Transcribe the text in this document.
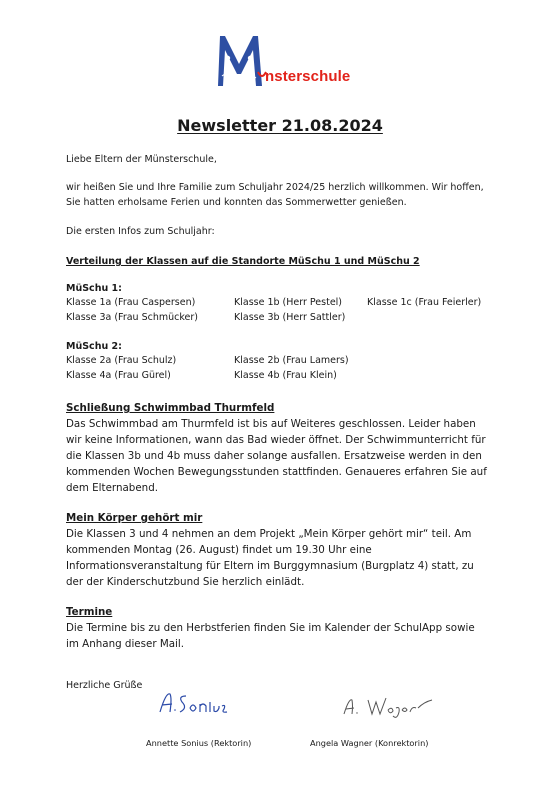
nsterschule
Newsletter 21.08.2024
Liebe Eltern der Münsterschule,
wir heißen Sie und Ihre Familie zum Schuljahr 2024/25 herzlich willkommen. Wir hoffen,
Sie hatten erholsame Ferien und konnten das Sommerwetter genießen.
Die ersten Infos zum Schuljahr:
Verteilung der Klassen auf die Standorte MüSchu 1 und MüSchu 2
MüSchu 1:
Klasse 1a (Frau Caspersen)
Klasse 3a (Frau Schmücker)
Klasse 1b (Herr Pestel)
Klasse 3b (Herr Sattler)
Klasse 1c (Frau Feierler)
MüSchu 2:
Klasse 2a (Frau Schulz)
Klasse 4a (Frau Gürel)
Klasse 2b (Frau Lamers)
Klasse 4b (Frau Klein)
Schließung Schwimmbad Thurmfeld
Das Schwimmbad am Thurmfeld ist bis auf Weiteres geschlossen. Leider haben
wir keine Informationen, wann das Bad wieder öffnet. Der Schwimmunterricht für
die Klassen 3b und 4b muss daher solange ausfallen. Ersatzweise werden in den
kommenden Wochen Bewegungsstunden stattfinden. Genaueres erfahren Sie auf
dem Elternabend.
Mein Körper gehört mir
Die Klassen 3 und 4 nehmen an dem Projekt „Mein Körper gehört mir“ teil. Am
kommenden Montag (26. August) findet um 19.30 Uhr eine
Informationsveranstaltung für Eltern im Burggymnasium (Burgplatz 4) statt, zu
der der Kinderschutzbund Sie herzlich einlädt.
Termine
Die Termine bis zu den Herbstferien finden Sie im Kalender der SchulApp sowie
im Anhang dieser Mail.
Herzliche Grüße
Annette Sonius (Rektorin)	Angela Wagner (Konrektorin)
